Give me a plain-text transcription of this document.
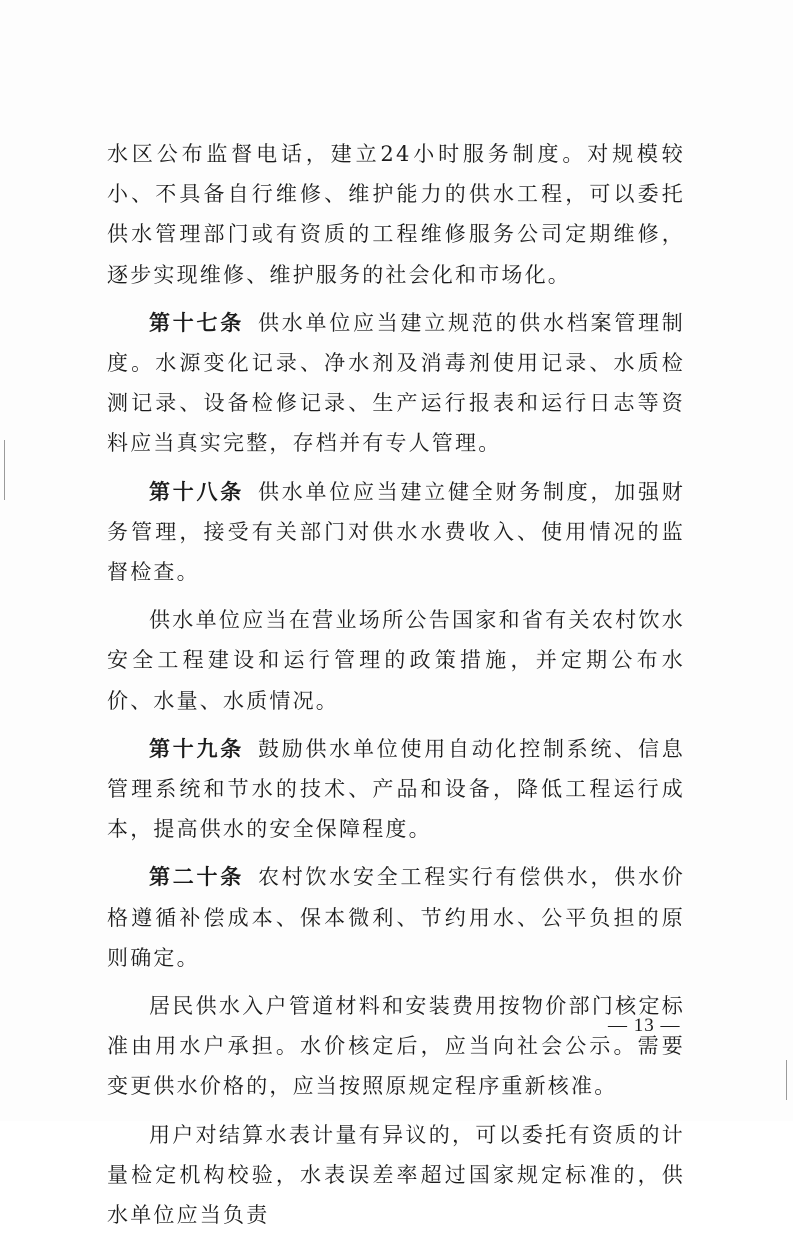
水区公布监督电话，建立24小时服务制度。对规模较小、不具备自行维修、维护能力的供水工程，可以委托供水管理部门或有资质的工程维修服务公司定期维修，逐步实现维修、维护服务的社会化和市场化。

第十七条 供水单位应当建立规范的供水档案管理制度。水源变化记录、净水剂及消毒剂使用记录、水质检测记录、设备检修记录、生产运行报表和运行日志等资料应当真实完整，存档并有专人管理。

第十八条 供水单位应当建立健全财务制度，加强财务管理，接受有关部门对供水水费收入、使用情况的监督检查。

供水单位应当在营业场所公告国家和省有关农村饮水安全工程建设和运行管理的政策措施，并定期公布水价、水量、水质情况。

第十九条 鼓励供水单位使用自动化控制系统、信息管理系统和节水的技术、产品和设备，降低工程运行成本，提高供水的安全保障程度。

第二十条 农村饮水安全工程实行有偿供水，供水价格遵循补偿成本、保本微利、节约用水、公平负担的原则确定。

居民供水入户管道材料和安装费用按物价部门核定标准由用水户承担。水价核定后，应当向社会公示。需要变更供水价格的，应当按照原规定程序重新核准。

用户对结算水表计量有异议的，可以委托有资质的计量检定机构校验，水表误差率超过国家规定标准的，供水单位应当负责

— 13 —
